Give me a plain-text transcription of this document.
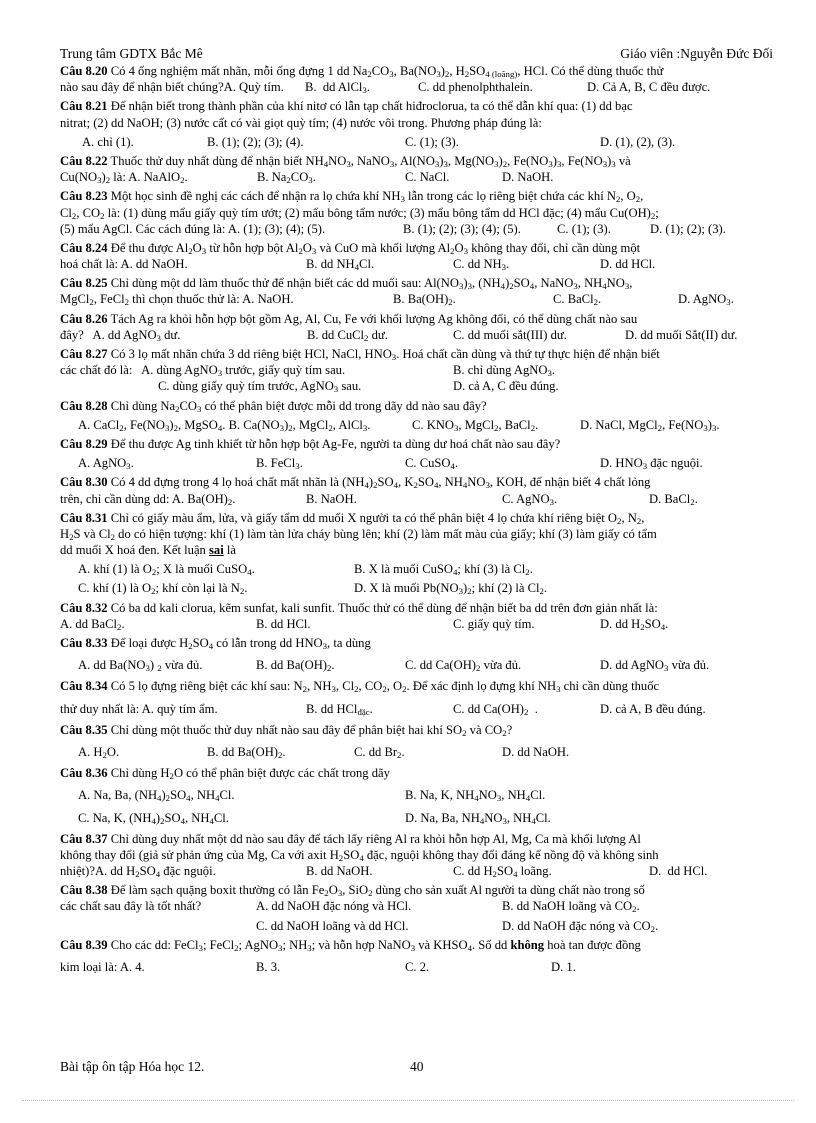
Trung tâm GDTX Bắc Mê	Giáo viên :Nguyễn Đức Đối
Câu 8.20 Có 4 ống nghiệm mất nhãn, mỗi ống đựng 1 dd $Na_2CO_3$, $Ba(NO_3)_2$, $H_2SO_{4 (loãng)}$, HCl. Có thể dùng thuốc thử
nào sau đây để nhận biết chúng?A. Quỳ tím. B.  dd AlCl$_3$.	C. dd phenolphthalein.	D. Cả A, B, C đều được.
Câu 8.21 Để nhận biết trong thành phần của khí nitơ có lẫn tạp chất hiđroclorua, ta có thể dẫn khí qua: (1) dd bạc
nitrat; (2) dd NaOH; (3) nước cất có vài giọt quỳ tím; (4) nước vôi trong. Phương pháp đúng là:
A. chỉ (1).	B. (1); (2); (3); (4).	C. (1); (3).	D. (1), (2), (3).
Câu 8.22 Thuốc thử duy nhất dùng để nhận biết $NH_4NO_3$, NaNO$_3$, $Al(NO_3)_3$, $Mg(NO_3)_2$, $Fe(NO_3)_3$, $Fe(NO_3)_3$ và
$Cu(NO_3)_2$ là: A. NaAlO$_2$.	B. $Na_2CO_3$.	C. NaCl.	D. NaOH.
Câu 8.23 Một học sinh đề nghị các cách để nhận ra lọ chứa khí $NH_3$ lẫn trong các lọ riêng biệt chứa các khí $N_2$, $O_2$,
$Cl_2$, $CO_2$ là: (1) dùng mẩu giấy quỳ tím ướt; (2) mẩu bông tẩm nước; (3) mẩu bông tẩm dd HCl đặc; (4) mẩu $Cu(OH)_2$;
(5) mẩu AgCl. Các cách đúng là: A. (1); (3); (4); (5).	B. (1); (2); (3); (4); (5).	C. (1); (3).	D. (1); (2); (3).
Câu 8.24 Để thu được $Al_2O_3$ từ hỗn hợp bột $Al_2O_3$ và CuO mà khối lượng $Al_2O_3$ không thay đổi, chỉ cần dùng một
hoá chất là: A. dd NaOH.	B. dd $NH_4Cl$.	C. dd $NH_3$.	D. dd HCl.
Câu 8.25 Chỉ dùng một dd làm thuốc thử để nhận biết các dd muối sau: $Al(NO_3)_3$, $(NH_4)_2SO_4$, NaNO$_3$, $NH_4NO_3$,
MgCl$_2$, FeCl$_2$ thì chọn thuốc thử là: A. NaOH.	B. $Ba(OH)_2$.	C. BaCl$_2$.	D. AgNO$_3$.
Câu 8.26 Tách Ag ra khỏi hỗn hợp bột gồm Ag, Al, Cu, Fe với khối lượng Ag không đổi, có thể dùng chất nào sau
đây?   A. dd AgNO$_3$ dư.	B. dd CuCl$_2$ dư.	C. dd muối sắt(III) dư.	D. dd muối Sắt(II) dư.
Câu 8.27 Có 3 lọ mất nhãn chứa 3 dd riêng biệt HCl, NaCl, $HNO_3$. Hoá chất cần dùng và thứ tự thực hiện để nhận biết
các chất đó là:   A. dùng AgNO$_3$ trước, giấy quỳ tím sau.	B. chỉ dùng AgNO$_3$.
C. dùng giấy quỳ tím trước, AgNO$_3$ sau.	D. cả A, C đều đúng.
Câu 8.28 Chỉ dùng $Na_2CO_3$ có thể phân biệt được mỗi dd trong dãy dd nào sau đây?
A. CaCl$_2$, $Fe(NO_3)_2$, MgSO$_4$. B. $Ca(NO_3)_2$, MgCl$_2$, AlCl$_3$.	C. $KNO_3$, MgCl$_2$, BaCl$_2$.	D. NaCl, MgCl$_2$, $Fe(NO_3)_3$.
Câu 8.29 Để thu được Ag tinh khiết từ hỗn hợp bột Ag-Fe, người ta dùng dư hoá chất nào sau đây?
A. AgNO$_3$.	B. FeCl$_3$.	C. CuSO$_4$.	D. $HNO_3$ đặc nguội.
Câu 8.30 Có 4 dd đựng trong 4 lọ hoá chất mất nhãn là $(NH_4)_2SO_4$, $K_2SO_4$, $NH_4NO_3$, KOH, để nhận biết 4 chất lỏng
trên, chỉ cần dùng dd: A. $Ba(OH)_2$.	B. NaOH.	C. AgNO$_3$.	D. BaCl$_2$.
Câu 8.31 Chỉ có giấy màu ẩm, lửa, và giấy tẩm dd muối X người ta có thể phân biệt 4 lọ chứa khí riêng biệt $O_2$, $N_2$,
$H_2S$ và $Cl_2$ do có hiện tượng: khí (1) làm tàn lửa cháy bùng lên; khí (2) làm mất màu của giấy; khí (3) làm giấy có tẩm
dd muối X hoá đen. Kết luận sai là
A. khí (1) là $O_2$; X là muối CuSO$_4$.	B. X là muối CuSO$_4$; khí (3) là $Cl_2$.
C. khí (1) là $O_2$; khí còn lại là $N_2$.	D. X là muối $Pb(NO_3)_2$; khí (2) là $Cl_2$.
Câu 8.32 Có ba dd kali clorua, kẽm sunfat, kali sunfit. Thuốc thử có thể dùng để nhận biết ba dd trên đơn giản nhất là:
A. dd BaCl$_2$.	B. dd HCl.	C. giấy quỳ tím.	D. dd $H_2SO_4$.
Câu 8.33 Để loại được $H_2SO_4$ có lẫn trong dd $HNO_3$, ta dùng
A. dd $Ba(NO_3)$ $_2$ vừa đủ.	B. dd $Ba(OH)_2$.	C. dd $Ca(OH)_2$ vừa đủ.	D. dd AgNO$_3$ vừa đủ.
Câu 8.34 Có 5 lọ đựng riêng biệt các khí sau: $N_2$, $NH_3$, $Cl_2$, $CO_2$, $O_2$. Để xác định lọ đựng khí $NH_3$ chỉ cần dùng thuốc
thử duy nhất là: A. quỳ tím ẩm.	B. dd HCl$_{đặc}$.	C. dd $Ca(OH)_2$  .	D. cả A, B đều đúng.
Câu 8.35 Chỉ dùng một thuốc thử duy nhất nào sau đây để phân biệt hai khí $SO_2$ và $CO_2$?
A. $H_2O$.	B. dd $Ba(OH)_2$.	C. dd $Br_2$.	D. dd NaOH.
Câu 8.36 Chỉ dùng $H_2O$ có thể phân biệt được các chất trong dãy
A. Na, Ba, $(NH_4)_2SO_4$, $NH_4Cl$.	B. Na, K, $NH_4NO_3$, $NH_4Cl$.
C. Na, K, $(NH_4)_2SO_4$, $NH_4Cl$.	D. Na, Ba, $NH_4NO_3$, $NH_4Cl$.
Câu 8.37 Chỉ dùng duy nhất một dd nào sau đây để tách lấy riêng Al ra khỏi hỗn hợp Al, Mg, Ca mà khối lượng Al
không thay đổi (giả sử phản ứng của Mg, Ca với axit $H_2SO_4$ đặc, nguội không thay đổi đáng kể nồng độ và không sinh
nhiệt)?A. dd $H_2SO_4$ đặc nguội.	B. dd NaOH.	C. dd $H_2SO_4$ loãng.	D.  dd HCl.
Câu 8.38 Để làm sạch quặng boxit thường có lẫn $Fe_2O_3$, SiO$_2$ dùng cho sản xuất Al người ta dùng chất nào trong số
các chất sau đây là tốt nhất?	A. dd NaOH đặc nóng và HCl.	B. dd NaOH loãng và $CO_2$.
C. dd NaOH loãng và dd HCl.	D. dd NaOH đặc nóng và $CO_2$.
Câu 8.39 Cho các dd: FeCl$_3$; FeCl$_2$; AgNO$_3$; $NH_3$; và hỗn hợp NaNO$_3$ và $KHSO_4$. Số dd không hoà tan được đồng
kim loại là: A. 4.	B. 3.	C. 2.	D. 1.
Bài tập ôn tập Hóa học 12.	40
